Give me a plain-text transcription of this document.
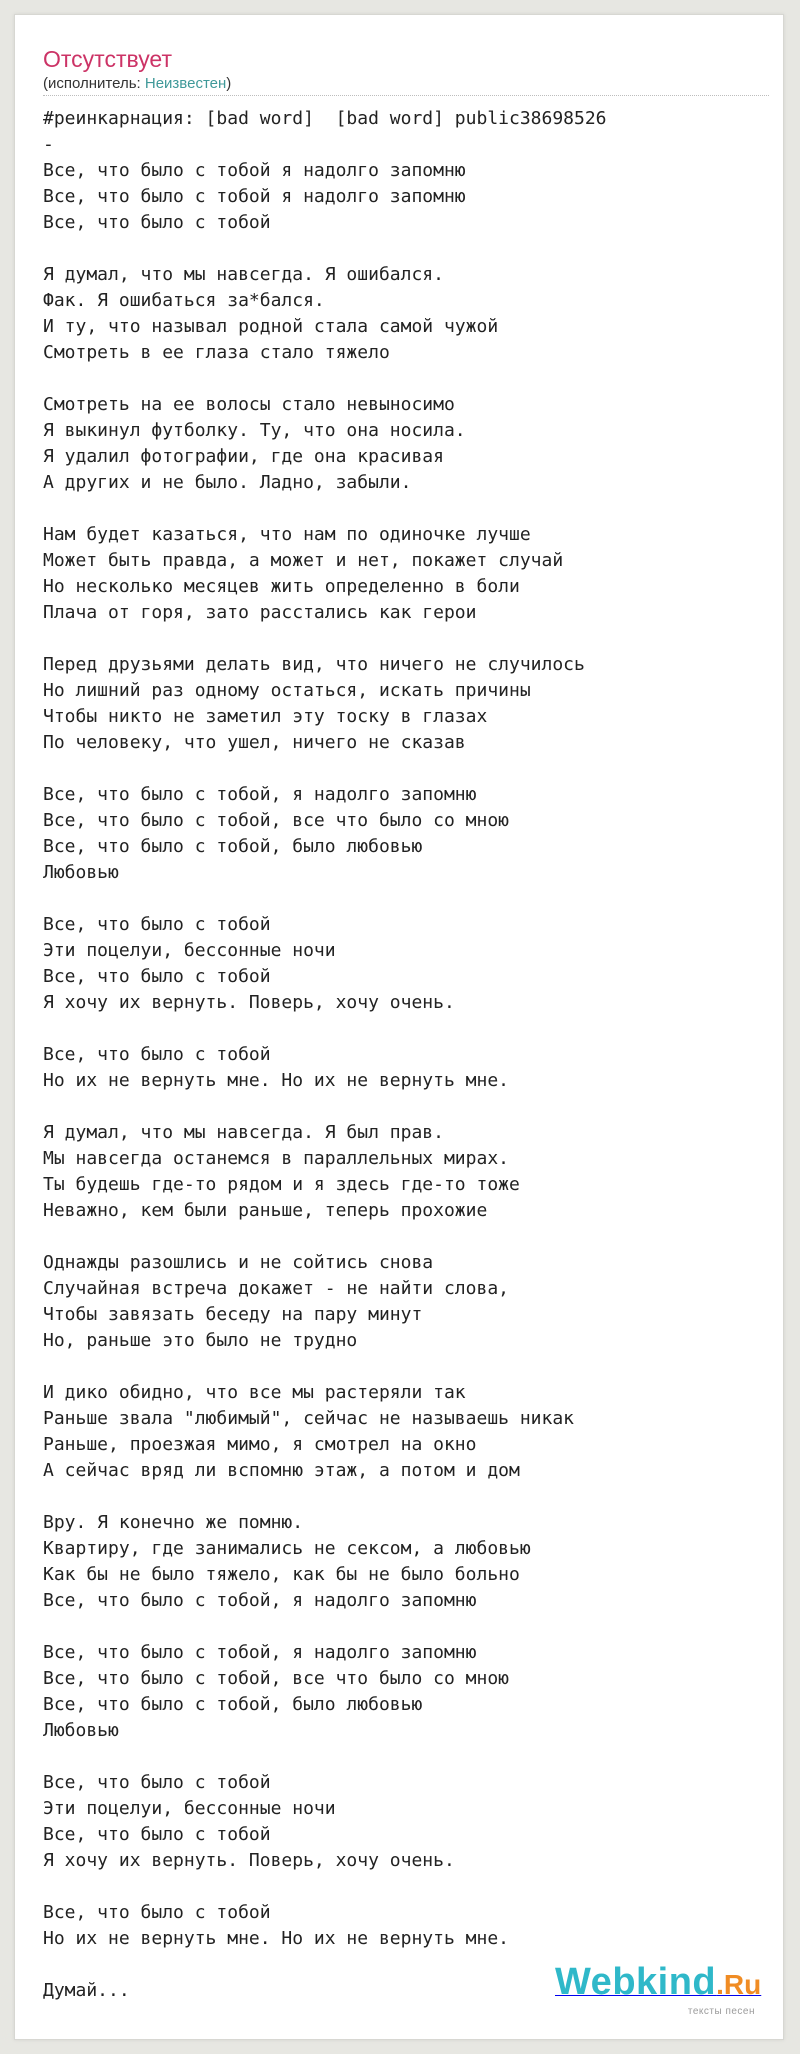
Отсутствует
(исполнитель: Неизвестен)
#реинкарнация: [bad word]  [bad word] public38698526
-
Все, что было с тобой я надолго запомню
Все, что было с тобой я надолго запомню
Все, что было с тобой

Я думал, что мы навсегда. Я ошибался.
Фак. Я ошибаться за*бался.
И ту, что называл родной стала самой чужой
Смотреть в ее глаза стало тяжело

Смотреть на ее волосы стало невыносимо
Я выкинул футболку. Ту, что она носила.
Я удалил фотографии, где она красивая
А других и не было. Ладно, забыли.

Нам будет казаться, что нам по одиночке лучше
Может быть правда, а может и нет, покажет случай
Но несколько месяцев жить определенно в боли
Плача от горя, зато расстались как герои

Перед друзьями делать вид, что ничего не случилось
Но лишний раз одному остаться, искать причины
Чтобы никто не заметил эту тоску в глазах
По человеку, что ушел, ничего не сказав

Все, что было с тобой, я надолго запомню
Все, что было с тобой, все что было со мною
Все, что было с тобой, было любовью
Любовью

Все, что было с тобой
Эти поцелуи, бессонные ночи
Все, что было с тобой
Я хочу их вернуть. Поверь, хочу очень.

Все, что было с тобой
Но их не вернуть мне. Но их не вернуть мне.

Я думал, что мы навсегда. Я был прав.
Мы навсегда останемся в параллельных мирах.
Ты будешь где-то рядом и я здесь где-то тоже
Неважно, кем были раньше, теперь прохожие

Однажды разошлись и не сойтись снова
Случайная встреча докажет - не найти слова,
Чтобы завязать беседу на пару минут
Но, раньше это было не трудно

И дико обидно, что все мы растеряли так
Раньше звала "любимый", сейчас не называешь никак
Раньше, проезжая мимо, я смотрел на окно
А сейчас вряд ли вспомню этаж, а потом и дом

Вру. Я конечно же помню.
Квартиру, где занимались не сексом, а любовью
Как бы не было тяжело, как бы не было больно
Все, что было с тобой, я надолго запомню

Все, что было с тобой, я надолго запомню
Все, что было с тобой, все что было со мною
Все, что было с тобой, было любовью
Любовью

Все, что было с тобой
Эти поцелуи, бессонные ночи
Все, что было с тобой
Я хочу их вернуть. Поверь, хочу очень.

Все, что было с тобой
Но их не вернуть мне. Но их не вернуть мне.

Думай...	Webkind.Ru
тексты песен
